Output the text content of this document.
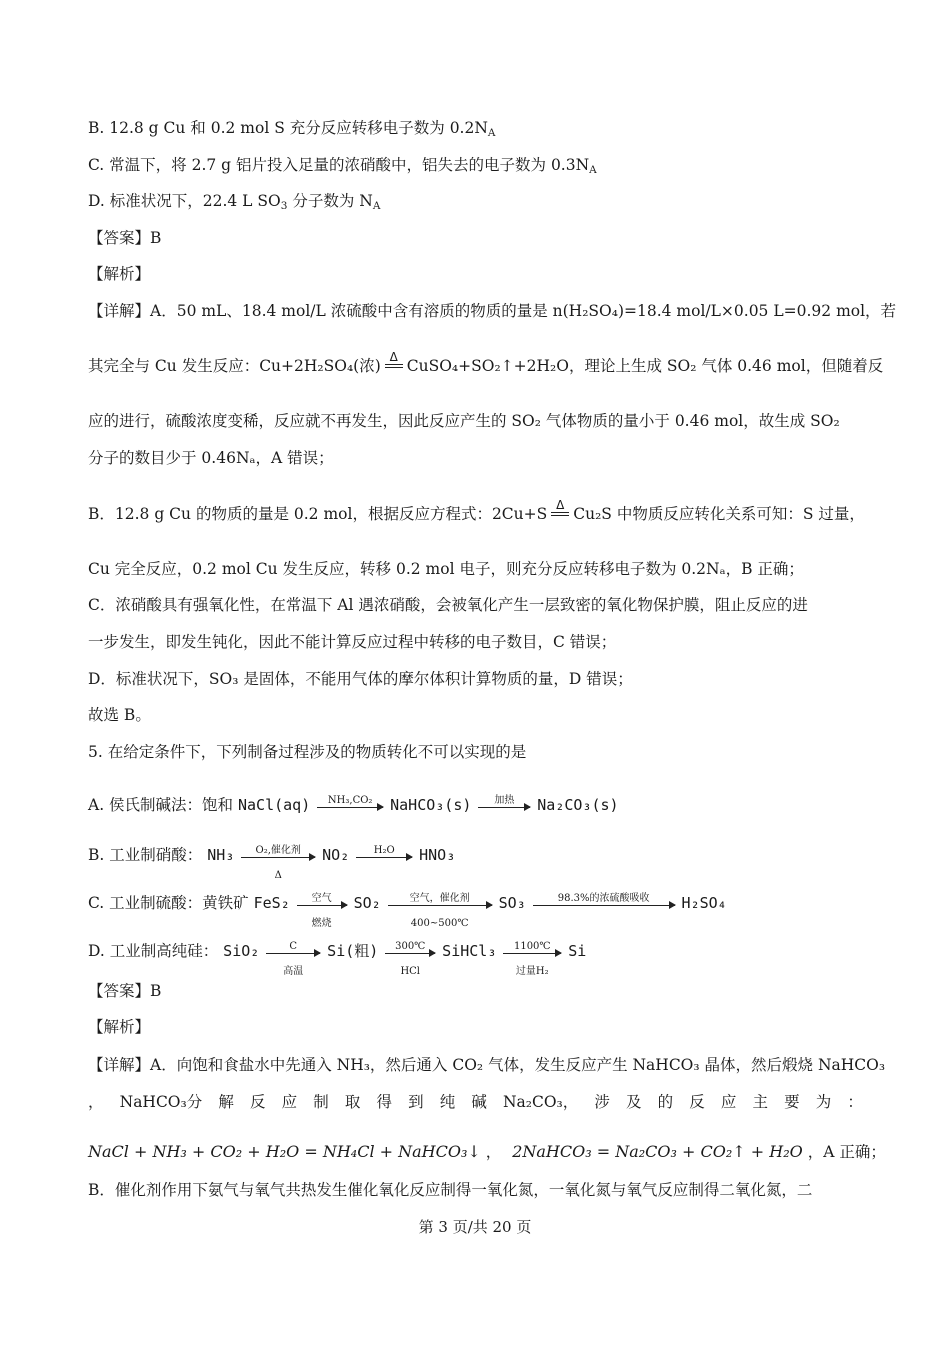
B. 12.8 g Cu 和 0.2 mol S 充分反应转移电子数为 $0.2N_A$
C. 常温下，将 2.7 g 铝片投入足量的浓硝酸中，铝失去的电子数为 $0.3N_A$
D. 标准状况下，22.4 L $SO_3$ 分子数为 $N_A$
【答案】B
【解析】
【详解】A．50 mL、18.4 mol/L 浓硫酸中含有溶质的物质的量是 n(H₂SO₄)=18.4 mol/L×0.05 L=0.92 mol，若
其完全与 Cu 发生反应：Cu+2H₂SO₄(浓) Δ CuSO₄+SO₂↑+2H₂O，理论上生成 SO₂ 气体 0.46 mol，但随着反
应的进行，硫酸浓度变稀，反应就不再发生，因此反应产生的 SO₂ 气体物质的量小于 0.46 mol，故生成 SO₂
分子的数目少于 0.46Nₐ，A 错误；
B．12.8 g Cu 的物质的量是 0.2 mol，根据反应方程式：2Cu+S Δ Cu₂S 中物质反应转化关系可知：S 过量，
Cu 完全反应，0.2 mol Cu 发生反应，转移 0.2 mol 电子，则充分反应转移电子数为 0.2Nₐ，B 正确；
C．浓硝酸具有强氧化性，在常温下 Al 遇浓硝酸，会被氧化产生一层致密的氧化物保护膜，阻止反应的进
一步发生，即发生钝化，因此不能计算反应过程中转移的电子数目，C 错误；
D．标准状况下，SO₃ 是固体，不能用气体的摩尔体积计算物质的量，D 错误；
故选 B。
5. 在给定条件下，下列制备过程涉及的物质转化不可以实现的是
A. 侯氏制碱法：饱和 NaCl(aq)	NH₃,CO₂	NaHCO₃(s)	加热	Na₂CO₃(s)
B. 工业制硝酸： NH₃	O₂,催化剂
Δ
NO₂	H₂O	HNO₃
C. 工业制硫酸：黄铁矿 FeS₂	空气
燃烧
SO₂	空气，催化剂
400~500℃
SO₃	98.3%的浓硫酸吸收	H₂SO₄
D. 工业制高纯硅： SiO₂	C
高温
Si(粗)	300℃
HCl
SiHCl₃	1100℃
过量H₂
Si
【答案】B
【解析】
【详解】A．向饱和食盐水中先通入 NH₃，然后通入 CO₂ 气体，发生反应产生 NaHCO₃ 晶体，然后煅烧 NaHCO₃
， NaHCO₃分 解 反 应 制 取 得 到 纯 碱 Na₂CO₃， 涉 及 的 反 应 主 要 为 ：
NaCl + NH₃ + CO₂ + H₂O = NH₄Cl + NaHCO₃↓ ， 2NaHCO₃ = Na₂CO₃ + CO₂↑ + H₂O ，A 正确；
B．催化剂作用下氨气与氧气共热发生催化氧化反应制得一氧化氮，一氧化氮与氧气反应制得二氧化氮，二
第 3 页/共 20 页
